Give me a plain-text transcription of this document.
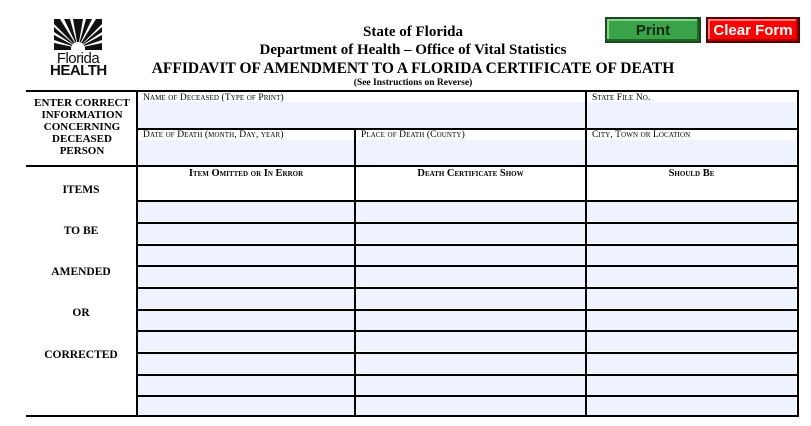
Florida
HEALTH
State of Florida
Department of Health – Office of Vital Statistics
AFFIDAVIT OF AMENDMENT TO A FLORIDA CERTIFICATE OF DEATH
(See Instructions on Reverse)
Print	Clear Form
Name of Deceased (Type of Print)	State File No.
Date of Death (month, Day, year)	Place of Death (County)	City, Town or Location
ENTER CORRECT
INFORMATION
CONCERNING
DECEASED
PERSON
Item Omitted or In Error	Death Certificate Show	Should Be
ITEMS
TO BE
AMENDED
OR
CORRECTED
